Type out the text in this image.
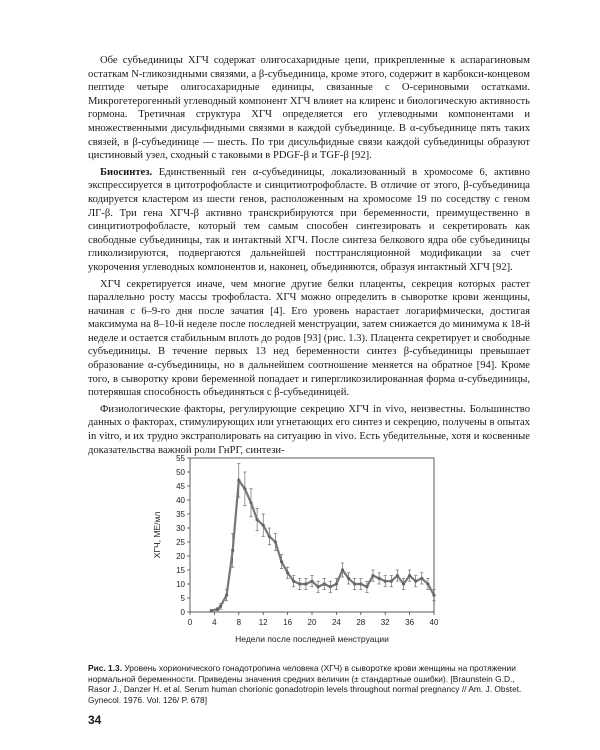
Обе субъединицы ХГЧ содержат олигосахаридные цепи, прикрепленные к аспарагиновым остаткам N-гликозидными связями, а β-субъединица, кроме этого, содержит в карбокси-концевом пептиде четыре олигосахаридные единицы, связанные с O-сериновыми остатками. Микрогетерогенный углеводный компонент ХГЧ влияет на клиренс и биологическую активность гормона. Третичная структура ХГЧ определяется его углеводными компонентами и множественными дисульфидными связями в каждой субъединице. В α-субъединице пять таких связей, в β-субъединице — шесть. По три дисульфидные связи каждой субъединицы образуют цистиновый узел, сходный с таковыми в PDGF-β и TGF-β [92].

Биосинтез. Единственный ген α-субъединицы, локализованный в хромосоме 6, активно экспрессируется в цитотрофобласте и синцитиотрофобласте. В отличие от этого, β-субъединица кодируется кластером из шести генов, расположенным на хромосоме 19 по соседству с геном ЛГ-β. Три гена ХГЧ-β активно транскрибируются при беременности, преимущественно в синцитиотрофобласте, который тем самым способен синтезировать и секретировать как свободные субъединицы, так и интактный ХГЧ. После синтеза белкового ядра обе субъединицы гликолизируются, подвергаются дальнейшей посттрансляционной модификации за счет укорочения углеводных компонентов и, наконец, объединяются, образуя интактный ХГЧ [92].

ХГЧ секретируется иначе, чем многие другие белки плаценты, секреция которых растет параллельно росту массы трофобласта. ХГЧ можно определить в сыворотке крови женщины, начиная с 6–9-го дня после зачатия [4]. Его уровень нарастает логарифмически, достигая максимума на 8–10-й неделе после последней менструации, затем снижается до минимума к 18-й неделе и остается стабильным вплоть до родов [93] (рис. 1.3). Плацента секретирует и свободные субъединицы. В течение первых 13 нед беременности синтез β-субъединицы превышает образование α-субъединицы, но в дальнейшем соотношение меняется на обратное [94]. Кроме того, в сыворотку крови беременной попадает и гипергликозилированная форма α-субъединицы, потерявшая способность объединяться с β-субъединицей.

Физиологические факторы, регулирующие секрецию ХГЧ in vivo, неизвестны. Большинство данных о факторах, стимулирующих или угнетающих его синтез и секрецию, получены в опытах in vitro, и их трудно экстраполировать на ситуацию in vivo. Есть убедительные, хотя и косвенные доказательства важной роли ГнРГ, синтези-

0
5
10
15
20
25
30
35
40
45
50
55
0 4 8 12 16 20 24 28 32 36 40
ХГЧ, МЕ/мл
Недели после последней менструации
Рис. 1.3. Уровень хорионического гонадотропина человека (ХГЧ) в сыворотке крови женщины на протяжении нормальной беременности. Приведены значения средних величин (± стандартные ошибки). [Braunstein G.D., Rasor J., Danzer H. et al. Serum human chorionic gonadotropin levels throughout normal pregnancy // Am. J. Obstet. Gynecol. 1976. Vol. 126/ P. 678]
34
